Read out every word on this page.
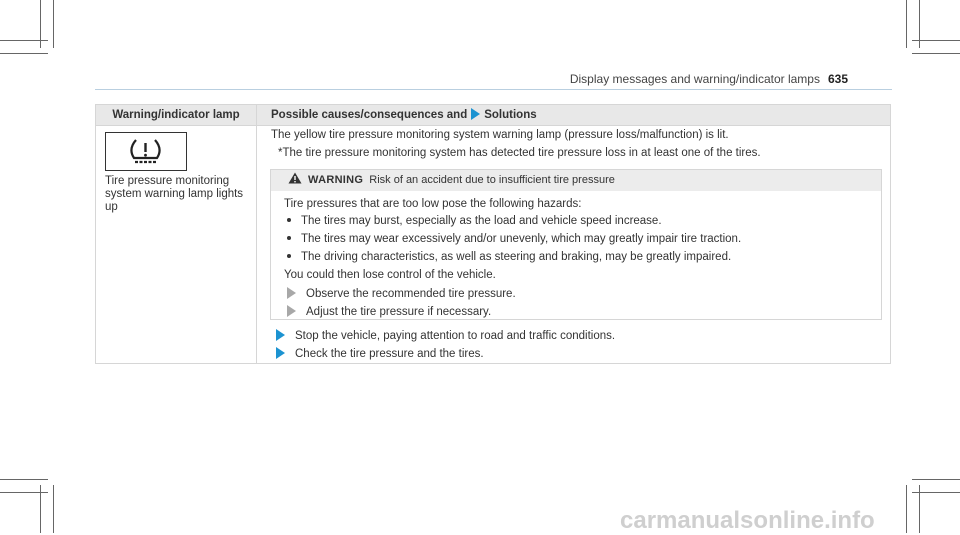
Display messages and warning/indicator lamps 635
Warning/indicator lamp	Possible causes/consequences and Solutions
Tire pressure monitoring system warning lamp lights up
The yellow tire pressure monitoring system warning lamp (pressure loss/malfunction) is lit.
*The tire pressure monitoring system has detected tire pressure loss in at least one of the tires.
WARNING Risk of an accident due to insufficient tire pressure
Tire pressures that are too low pose the following hazards:
The tires may burst, especially as the load and vehicle speed increase.
The tires may wear excessively and/or unevenly, which may greatly impair tire traction.
The driving characteristics, as well as steering and braking, may be greatly impaired.
You could then lose control of the vehicle.
Observe the recommended tire pressure.
Adjust the tire pressure if necessary.
Stop the vehicle, paying attention to road and traffic conditions.
Check the tire pressure and the tires.
carmanualsonline.info
